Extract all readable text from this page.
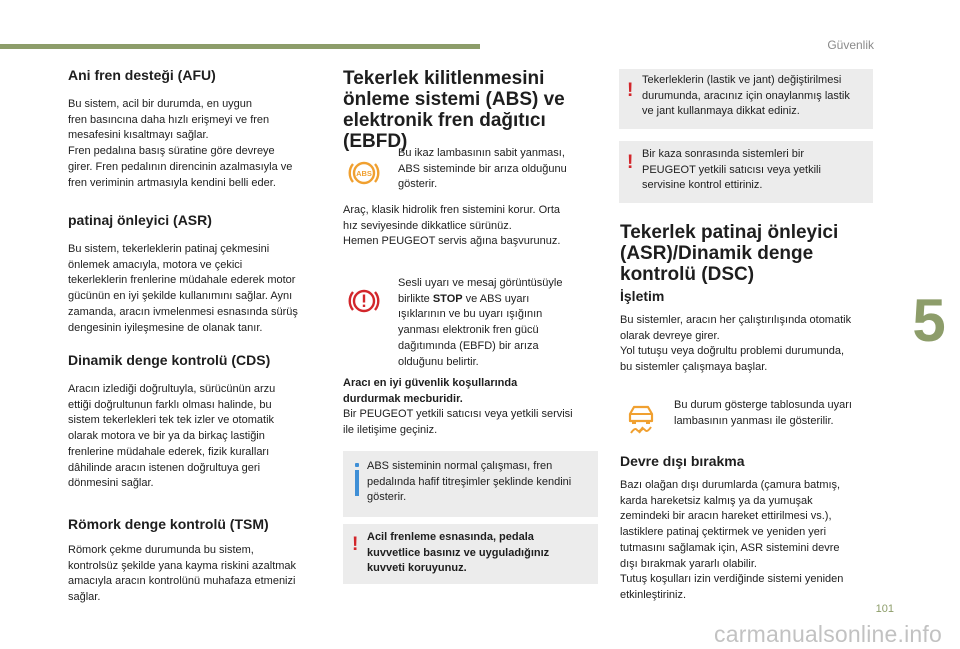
Güvenlik
5
Ani fren desteği (AFU)

Bu sistem, acil bir durumda, en uygun
fren basıncına daha hızlı erişmeyi ve fren
mesafesini kısaltmayı sağlar.
Fren pedalına basış süratine göre devreye
girer. Fren pedalının direncinin azalmasıyla ve
fren veriminin artmasıyla kendini belli eder.

patinaj önleyici (ASR)

Bu sistem, tekerleklerin patinaj çekmesini
önlemek amacıyla, motora ve çekici
tekerleklerin frenlerine müdahale ederek motor
gücünün en iyi şekilde kullanımını sağlar. Aynı
zamanda, aracın ivmelenmesi esnasında sürüş
dengesinin iyileşmesine de olanak tanır.

Dinamik denge kontrolü (CDS)

Aracın izlediği doğrultuyla, sürücünün arzu
ettiği doğrultunun farklı olması halinde, bu
sistem tekerlekleri tek tek izler ve otomatik
olarak motora ve bir ya da birkaç lastiğin
frenlerine müdahale ederek, fizik kuralları
dâhilinde aracın istenen doğrultuya geri
dönmesini sağlar.

Römork denge kontrolü (TSM)

Römork çekme durumunda bu sistem,
kontrolsüz şekilde yana kayma riskini azaltmak
amacıyla aracın kontrolünü muhafaza etmenizi
sağlar.

Tekerlek kilitlenmesini
önleme sistemi (ABS) ve
elektronik fren dağıtıcı
(EBFD)
ABS

Bu ikaz lambasının sabit yanması,
ABS sisteminde bir arıza olduğunu
gösterir.

Araç, klasik hidrolik fren sistemini korur. Orta
hız seviyesinde dikkatlice sürünüz.
Hemen PEUGEOT servis ağına başvurunuz.

Sesli uyarı ve mesaj görüntüsüyle
birlikte STOP ve ABS uyarı
ışıklarının ve bu uyarı ışığının
yanması elektronik fren gücü
dağıtımında (EBFD) bir arıza
olduğunu belirtir.

Aracı en iyi güvenlik koşullarında
durdurmak mecburidir.

Bir PEUGEOT yetkili satıcısı veya yetkili servisi
ile iletişime geçiniz.

ABS sisteminin normal çalışması, fren
pedalında hafif titreşimler şeklinde kendini
gösterir.

! Acil frenleme esnasında, pedala
kuvvetlice basınız ve uyguladığınız
kuvveti koruyunuz.

! Tekerleklerin (lastik ve jant) değiştirilmesi
durumunda, aracınız için onaylanmış lastik
ve jant kullanmaya dikkat ediniz.

! Bir kaza sonrasında sistemleri bir
PEUGEOT yetkili satıcısı veya yetkili
servisine kontrol ettiriniz.

Tekerlek patinaj önleyici
(ASR)/Dinamik denge
kontrolü (DSC)
İşletim

Bu sistemler, aracın her çalıştırılışında otomatik
olarak devreye girer.
Yol tutuşu veya doğrultu problemi durumunda,
bu sistemler çalışmaya başlar.

Bu durum gösterge tablosunda uyarı
lambasının yanması ile gösterilir.

Devre dışı bırakma

Bazı olağan dışı durumlarda (çamura batmış,
karda hareketsiz kalmış ya da yumuşak
zemindeki bir aracın hareket ettirilmesi vs.),
lastiklere patinaj çektirmek ve yeniden yeri
tutmasını sağlamak için, ASR sistemini devre
dışı bırakmak yararlı olabilir.
Tutuş koşulları izin verdiğinde sistemi yeniden
etkinleştiriniz.

101
carmanualsonline.info
